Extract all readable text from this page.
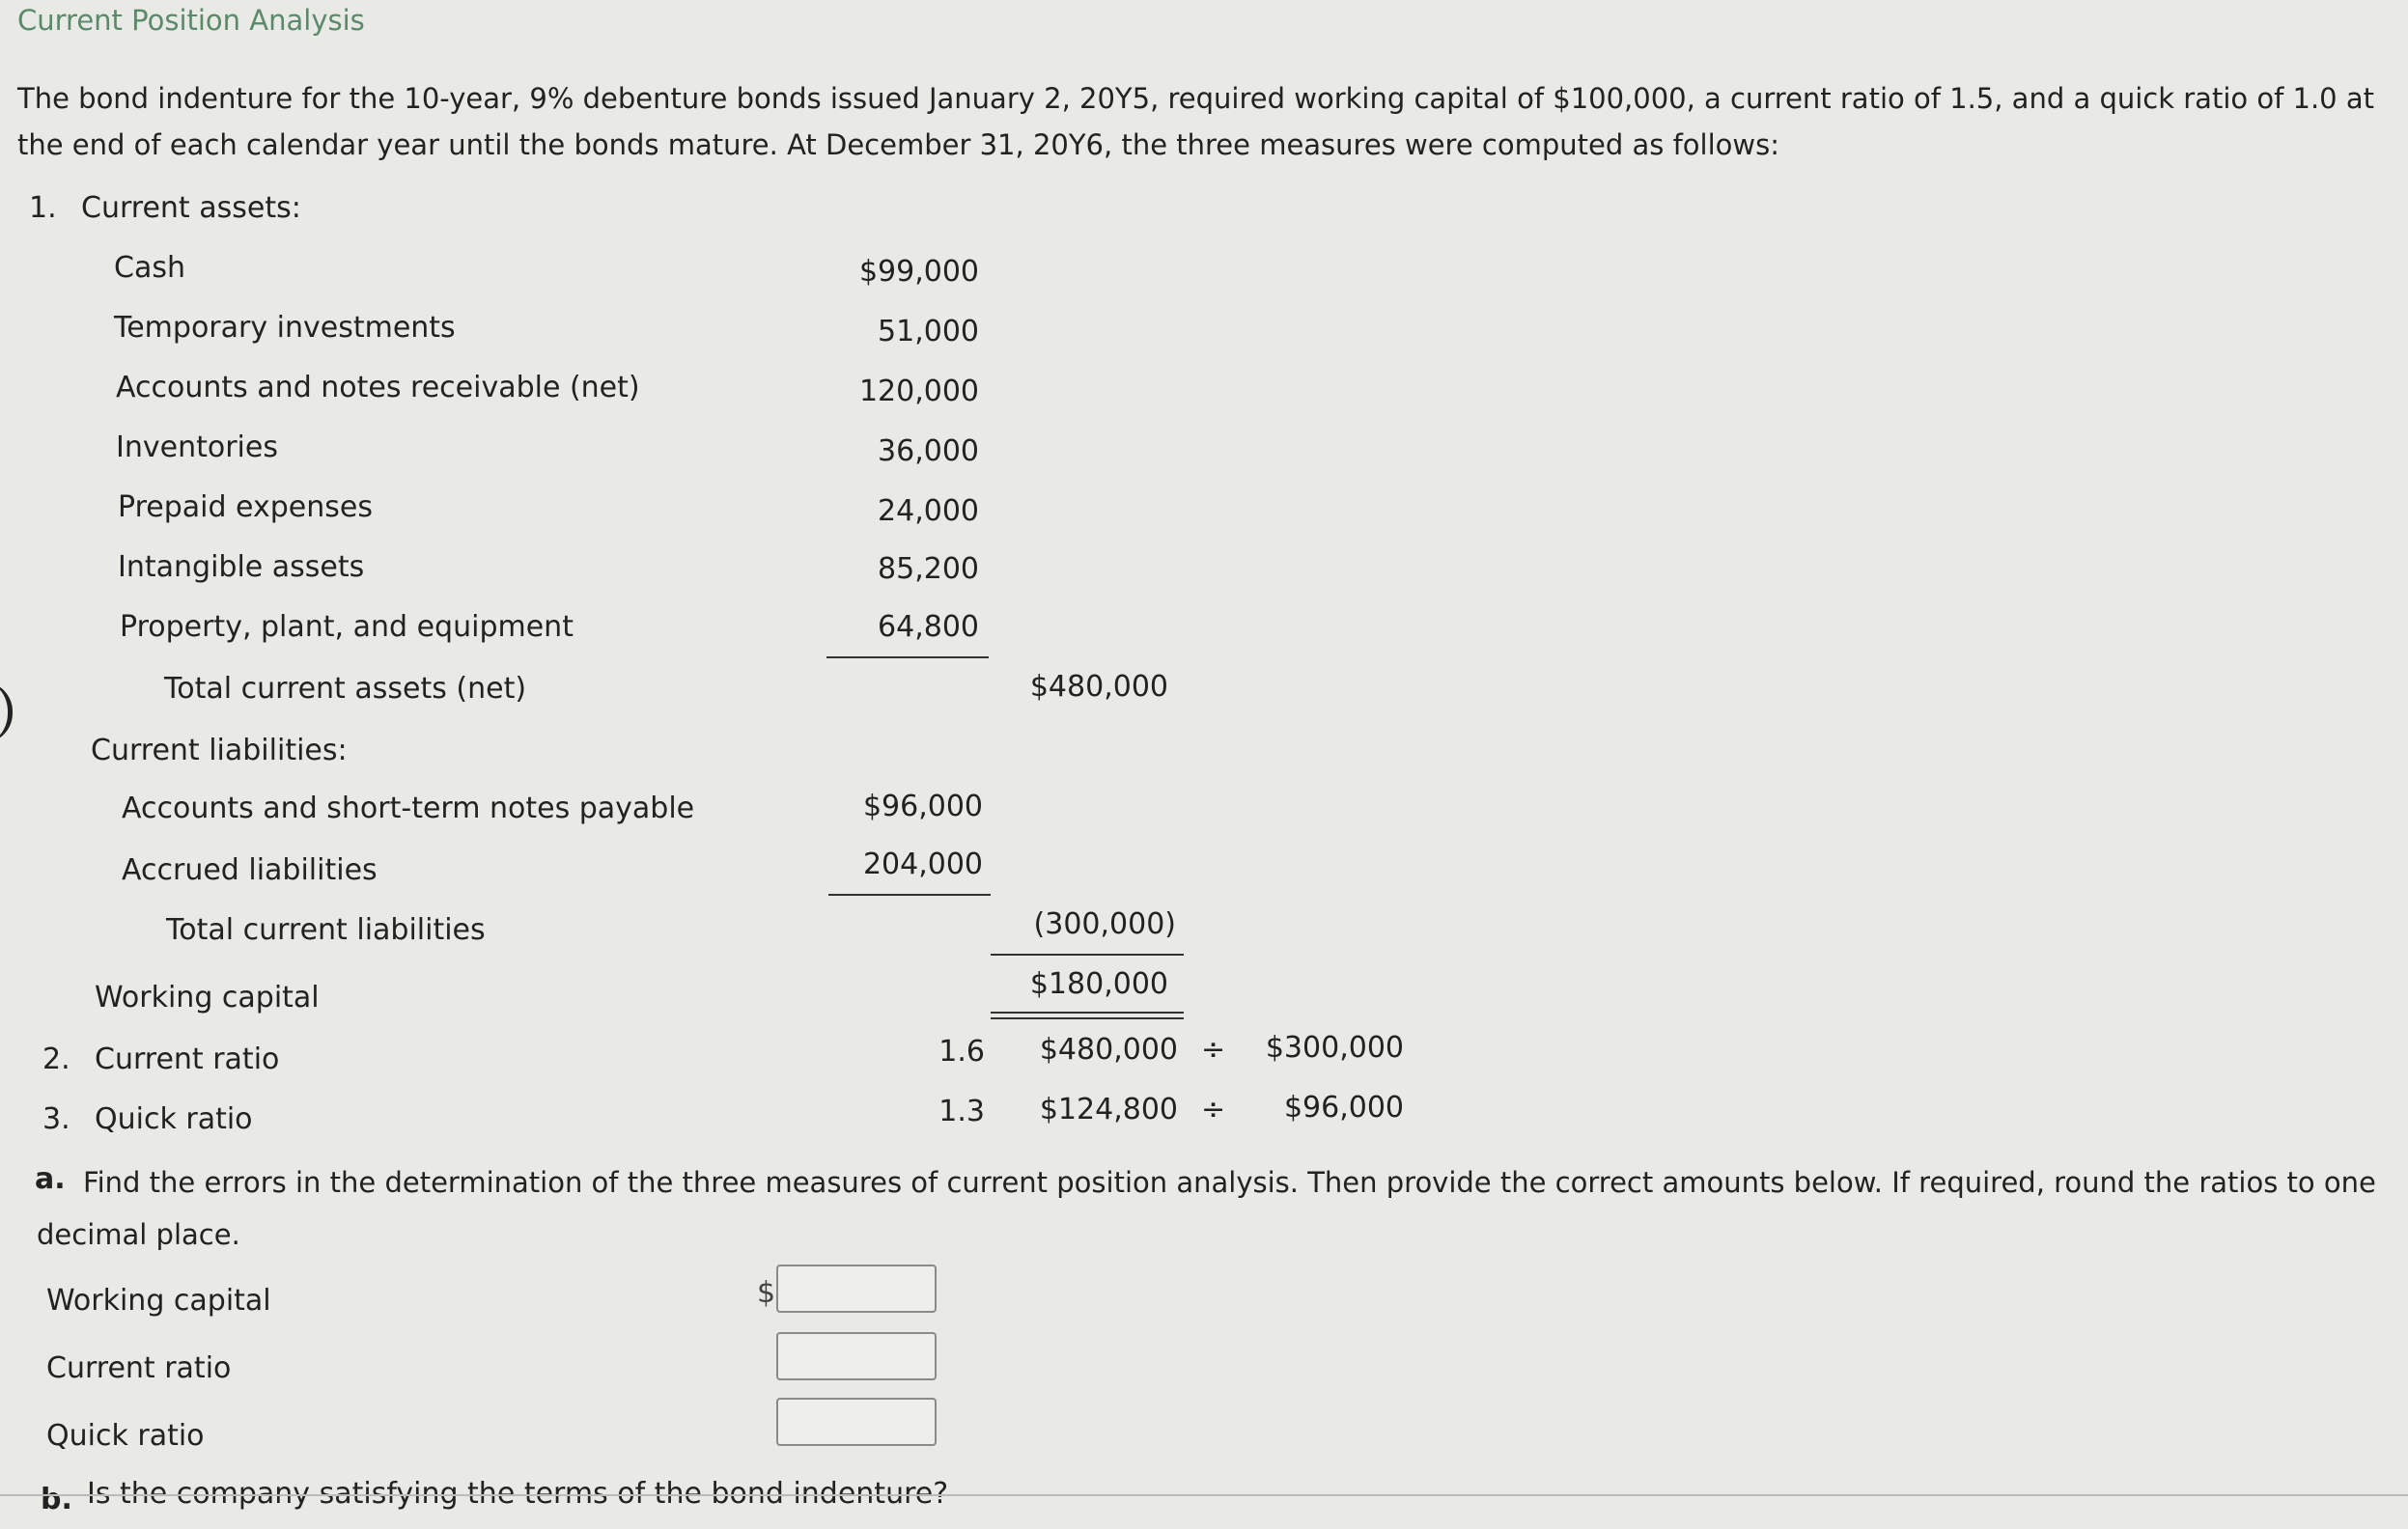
Current Position Analysis
The bond indenture for the 10-year, 9% debenture bonds issued January 2, 20Y5, required working capital of $100,000, a current ratio of 1.5, and a quick ratio of 1.0 at the end of each calendar year until the bonds mature. At December 31, 20Y6, the three measures were computed as follows:
1. Current assets:
Cash	$99,000
Temporary investments	51,000
Accounts and notes receivable (net)	120,000
Inventories	36,000
Prepaid expenses	24,000
Intangible assets	85,200
Property, plant, and equipment	64,800
Total current assets (net)	$480,000
Current liabilities:
Accounts and short-term notes payable	$96,000
Accrued liabilities	204,000
Total current liabilities	(300,000)
Working capital	$180,000
2. Current ratio	1.6	$480,000 ÷	$300,000
3. Quick ratio	1.3	$124,800 ÷	$96,000
a. Find the errors in the determination of the three measures of current position analysis. Then provide the correct amounts below. If required, round the ratios to one decimal place.
Working capital	$
Current ratio
Quick ratio
b. Is the company satisfying the terms of the bond indenture?
